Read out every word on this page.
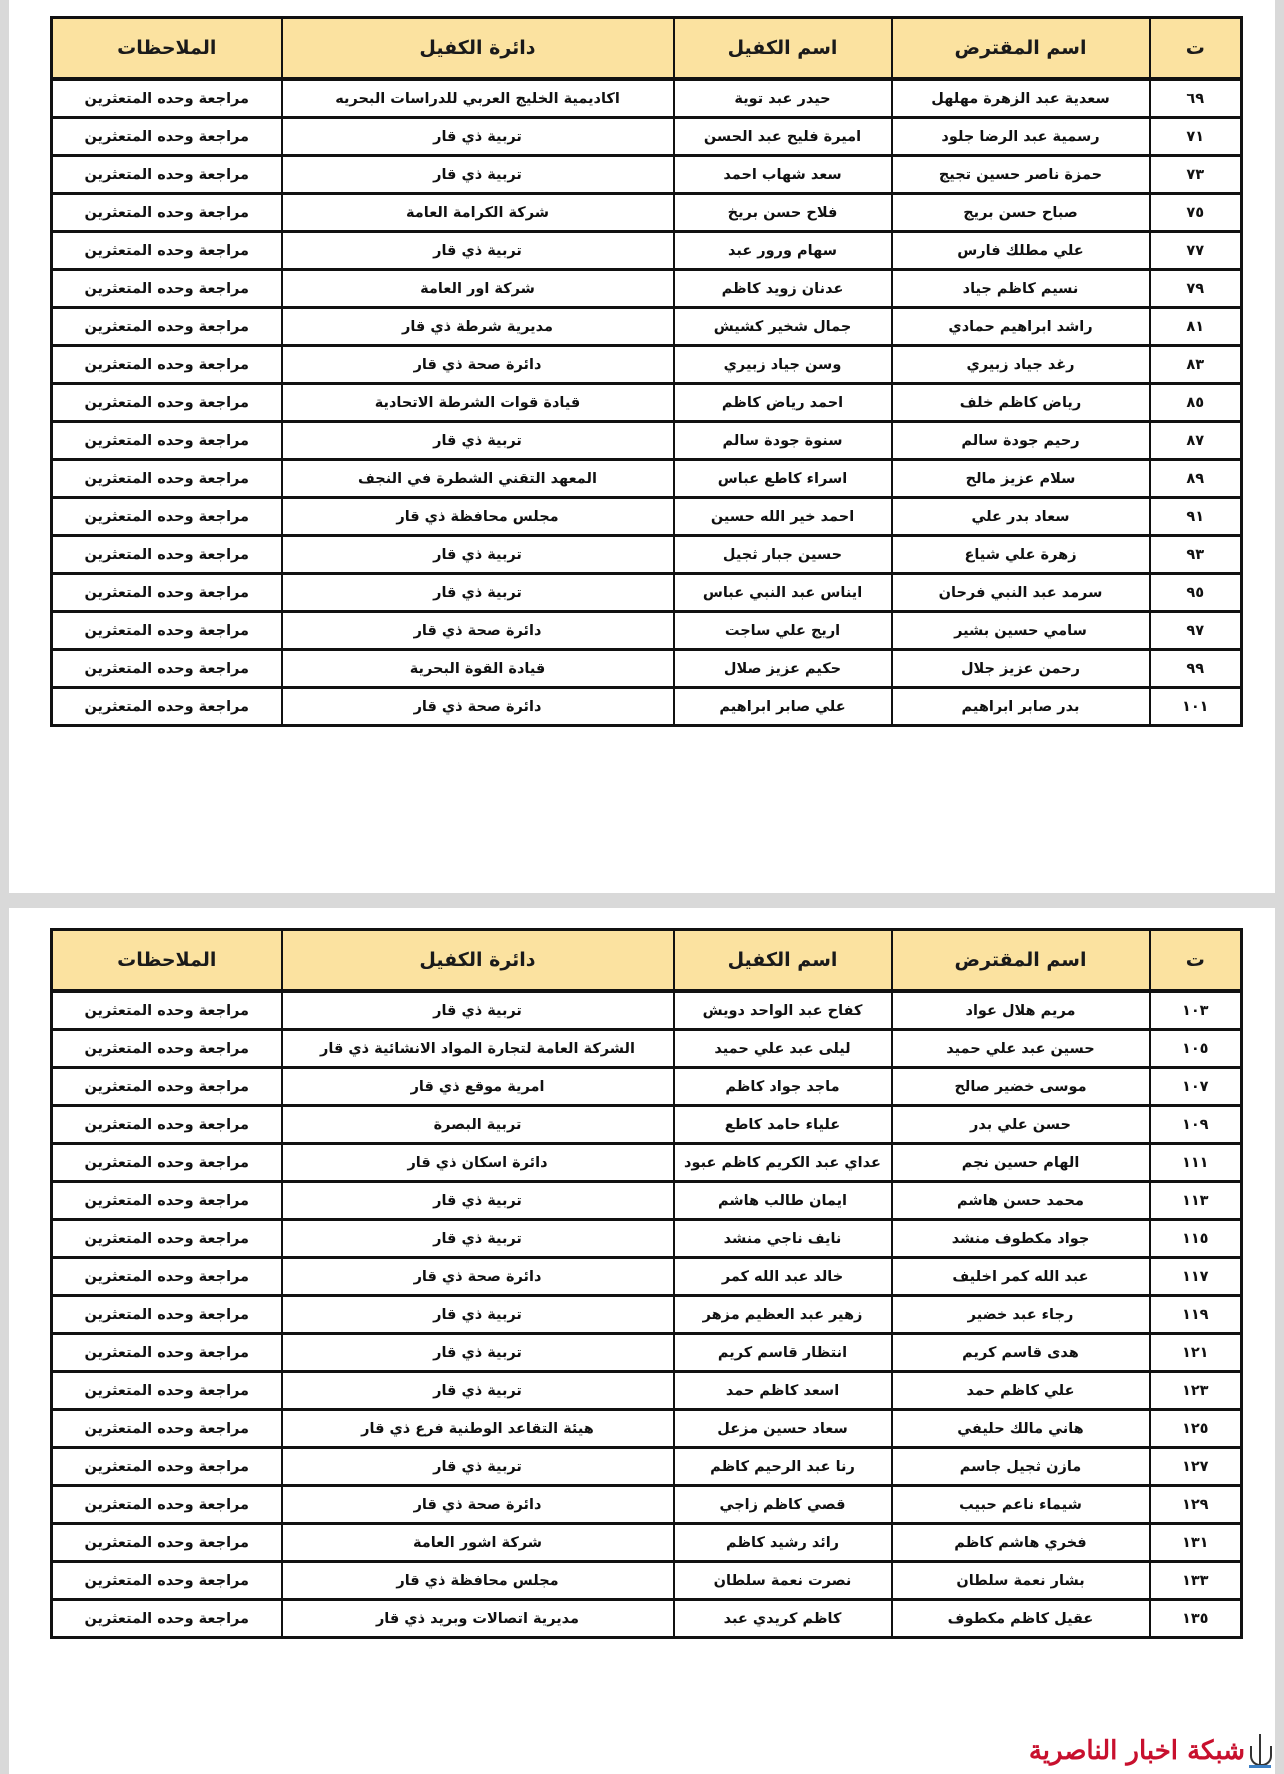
ت	اسم المقترض	اسم الكفيل	دائرة الكفيل	الملاحظات
٦٩	سعدية عبد الزهرة مهلهل	حيدر عبد توية	اكاديمية الخليج العربي للدراسات البحريه	مراجعة وحده المتعثرين
٧١	رسمية عبد الرضا جلود	اميرة فليح عبد الحسن	تربية ذي قار	مراجعة وحده المتعثرين
٧٣	حمزة ناصر حسين تجيج	سعد شهاب احمد	تربية ذي قار	مراجعة وحده المتعثرين
٧٥	صباح حسن بريج	فلاح حسن بريخ	شركة الكرامة العامة	مراجعة وحده المتعثرين
٧٧	علي مطلك فارس	سهام ورور عبد	تربية ذي قار	مراجعة وحده المتعثرين
٧٩	نسيم كاظم جياد	عدنان زويد كاظم	شركة اور العامة	مراجعة وحده المتعثرين
٨١	راشد ابراهيم حمادي	جمال شخير كشيش	مديرية شرطة ذي قار	مراجعة وحده المتعثرين
٨٣	رغد جياد زبيري	وسن جياد زبيري	دائرة صحة ذي قار	مراجعة وحده المتعثرين
٨٥	رياض كاظم خلف	احمد رياض كاظم	قيادة قوات الشرطة الاتحادية	مراجعة وحده المتعثرين
٨٧	رحيم جودة سالم	سنوة جودة سالم	تربية ذي قار	مراجعة وحده المتعثرين
٨٩	سلام عزيز مالح	اسراء كاطع عباس	المعهد التقني الشطرة في النجف	مراجعة وحده المتعثرين
٩١	سعاد بدر علي	احمد خير الله حسين	مجلس محافظة ذي قار	مراجعة وحده المتعثرين
٩٣	زهرة علي شياع	حسين جبار ثجيل	تربية ذي قار	مراجعة وحده المتعثرين
٩٥	سرمد عبد النبي فرحان	ايناس عبد النبي عباس	تربية ذي قار	مراجعة وحده المتعثرين
٩٧	سامي حسين بشير	اريج علي ساجت	دائرة صحة ذي قار	مراجعة وحده المتعثرين
٩٩	رحمن عزيز جلال	حكيم عزيز صلال	قيادة القوة البحرية	مراجعة وحده المتعثرين
١٠١	بدر صابر ابراهيم	علي صابر ابراهيم	دائرة صحة ذي قار	مراجعة وحده المتعثرين
ت	اسم المقترض	اسم الكفيل	دائرة الكفيل	الملاحظات
١٠٣	مريم هلال عواد	كفاح عبد الواحد دويش	تربية ذي قار	مراجعة وحده المتعثرين
١٠٥	حسين عبد علي حميد	ليلى عبد علي حميد	الشركة العامة لتجارة المواد الانشائية ذي قار	مراجعة وحده المتعثرين
١٠٧	موسى خضير صالح	ماجد جواد كاظم	امرية موقع ذي قار	مراجعة وحده المتعثرين
١٠٩	حسن علي بدر	علياء حامد كاطع	تربية البصرة	مراجعة وحده المتعثرين
١١١	الهام حسين نجم	عداي عبد الكريم كاظم عبود	دائرة اسكان ذي قار	مراجعة وحده المتعثرين
١١٣	محمد حسن هاشم	ايمان طالب هاشم	تربية ذي قار	مراجعة وحده المتعثرين
١١٥	جواد مكطوف منشد	نايف ناجي منشد	تربية ذي قار	مراجعة وحده المتعثرين
١١٧	عبد الله كمر اخليف	خالد عبد الله كمر	دائرة صحة ذي قار	مراجعة وحده المتعثرين
١١٩	رجاء عبد خضير	زهير عبد العظيم مزهر	تربية ذي قار	مراجعة وحده المتعثرين
١٢١	هدى قاسم كريم	انتظار قاسم كريم	تربية ذي قار	مراجعة وحده المتعثرين
١٢٣	علي كاظم حمد	اسعد كاظم حمد	تربية ذي قار	مراجعة وحده المتعثرين
١٢٥	هاني مالك حليفي	سعاد حسين مزعل	هيئة التقاعد الوطنية فرع ذي قار	مراجعة وحده المتعثرين
١٢٧	مازن ثجيل جاسم	رنا عبد الرحيم كاظم	تربية ذي قار	مراجعة وحده المتعثرين
١٢٩	شيماء ناعم حبيب	قصي كاظم زاجي	دائرة صحة ذي قار	مراجعة وحده المتعثرين
١٣١	فخري هاشم كاظم	رائد رشيد كاظم	شركة اشور العامة	مراجعة وحده المتعثرين
١٣٣	بشار نعمة سلطان	نصرت نعمة سلطان	مجلس محافظة ذي قار	مراجعة وحده المتعثرين
١٣٥	عقيل كاظم مكطوف	كاظم كريدي عبد	مديرية اتصالات وبريد ذي قار	مراجعة وحده المتعثرين
شبكة اخبار الناصرية
